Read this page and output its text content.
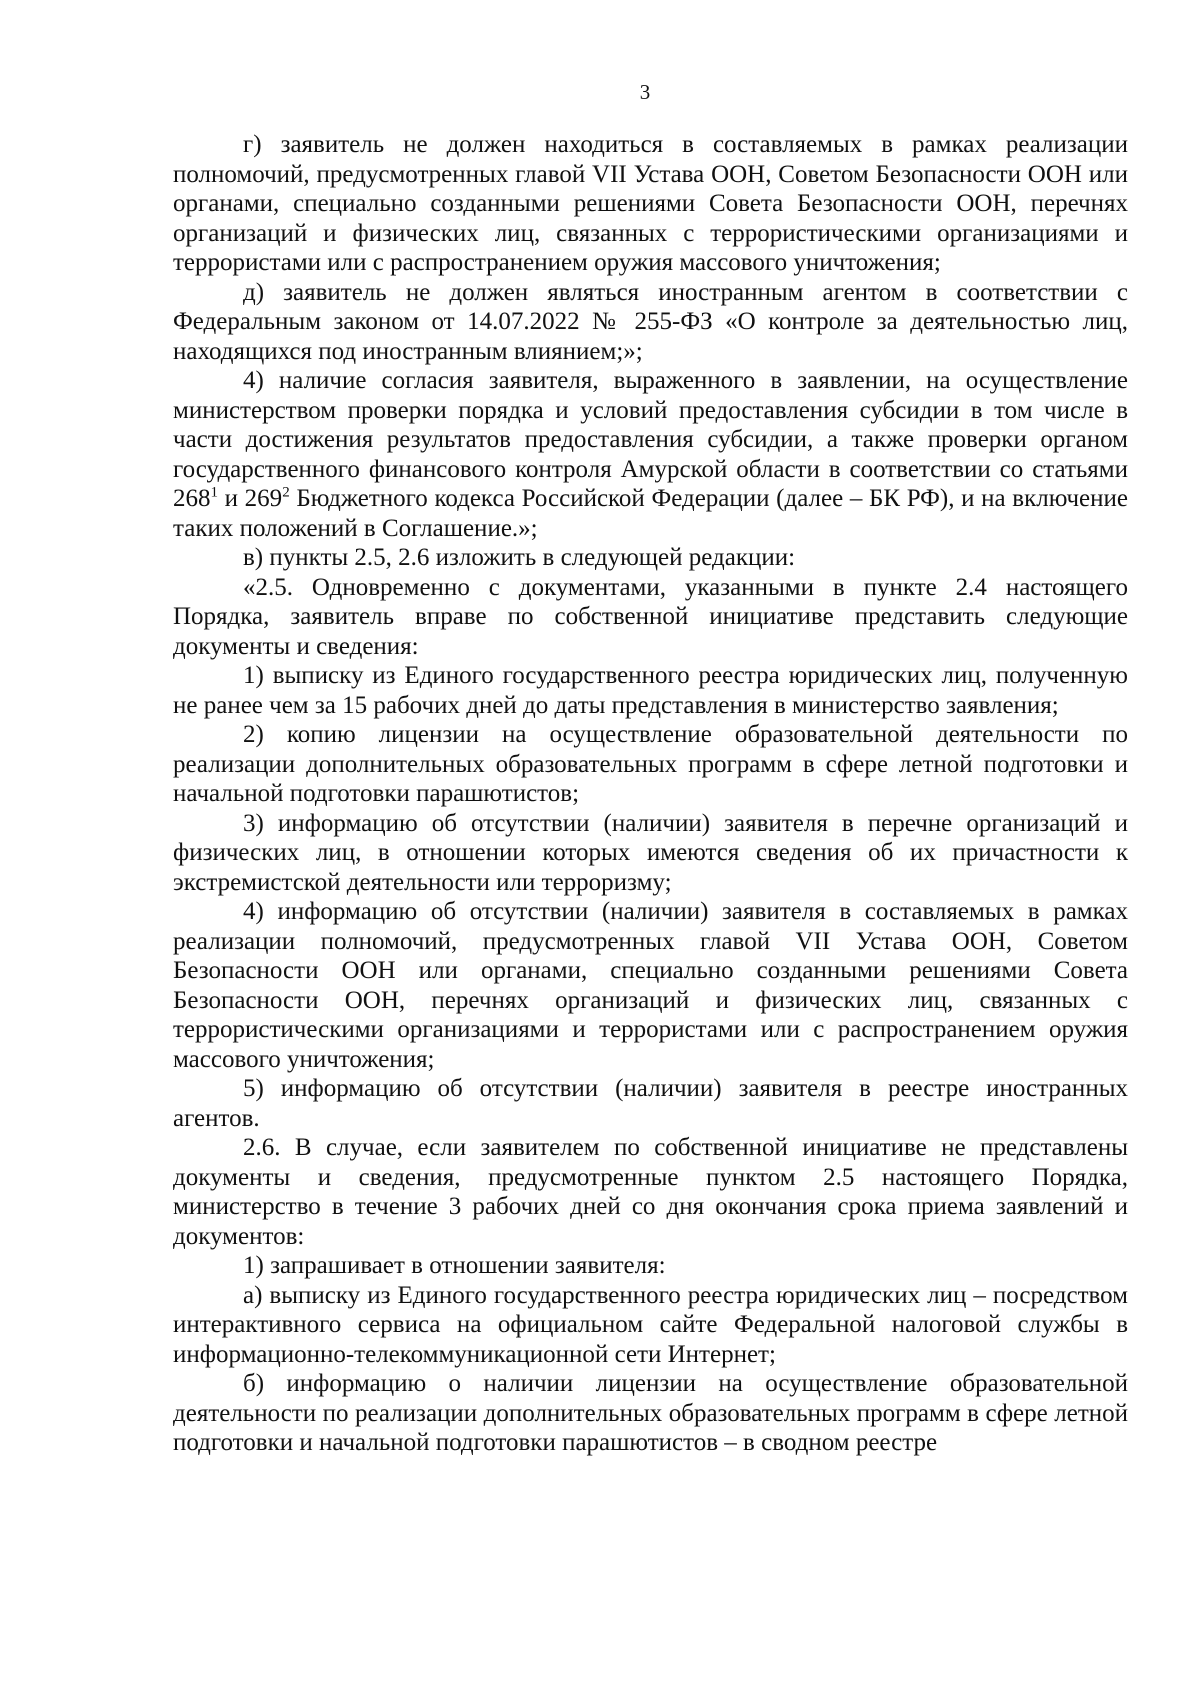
3

г) заявитель не должен находиться в составляемых в рамках реализации полномочий, предусмотренных главой VII Устава ООН, Советом Безопасности ООН или органами, специально созданными решениями Совета Безопасности ООН, перечнях организаций и физических лиц, связанных с террористическими организациями и террористами или с распространением оружия массового уничтожения;

д) заявитель не должен являться иностранным агентом в соответствии с Федеральным законом от 14.07.2022 № 255-ФЗ «О контроле за деятельностью лиц, находящихся под иностранным влиянием;»;

4) наличие согласия заявителя, выраженного в заявлении, на осуществление министерством проверки порядка и условий предоставления субсидии в том числе в части достижения результатов предоставления субсидии, а также проверки органом государственного финансового контроля Амурской области в соответствии со статьями $268^1$ и $269^2$ Бюджетного кодекса Российской Федерации (далее – БК РФ), и на включение таких положений в Соглашение.»;

в) пункты 2.5, 2.6 изложить в следующей редакции:

«2.5. Одновременно с документами, указанными в пункте 2.4 настоящего Порядка, заявитель вправе по собственной инициативе представить следующие документы и сведения:

1) выписку из Единого государственного реестра юридических лиц, полученную не ранее чем за 15 рабочих дней до даты представления в министерство заявления;

2) копию лицензии на осуществление образовательной деятельности по реализации дополнительных образовательных программ в сфере летной подготовки и начальной подготовки парашютистов;

3) информацию об отсутствии (наличии) заявителя в перечне организаций и физических лиц, в отношении которых имеются сведения об их причастности к экстремистской деятельности или терроризму;

4) информацию об отсутствии (наличии) заявителя в составляемых в рамках реализации полномочий, предусмотренных главой VII Устава ООН, Советом Безопасности ООН или органами, специально созданными решениями Совета Безопасности ООН, перечнях организаций и физических лиц, связанных с террористическими организациями и террористами или с распространением оружия массового уничтожения;

5) информацию об отсутствии (наличии) заявителя в реестре иностранных агентов.

2.6. В случае, если заявителем по собственной инициативе не представлены документы и сведения, предусмотренные пунктом 2.5 настоящего Порядка, министерство в течение 3 рабочих дней со дня окончания срока приема заявлений и документов:

1) запрашивает в отношении заявителя:

а) выписку из Единого государственного реестра юридических лиц – посредством интерактивного сервиса на официальном сайте Федеральной налоговой службы в информационно-телекоммуникационной сети Интернет;

б) информацию о наличии лицензии на осуществление образовательной деятельности по реализации дополнительных образовательных программ в сфере летной подготовки и начальной подготовки парашютистов – в сводном реестре
